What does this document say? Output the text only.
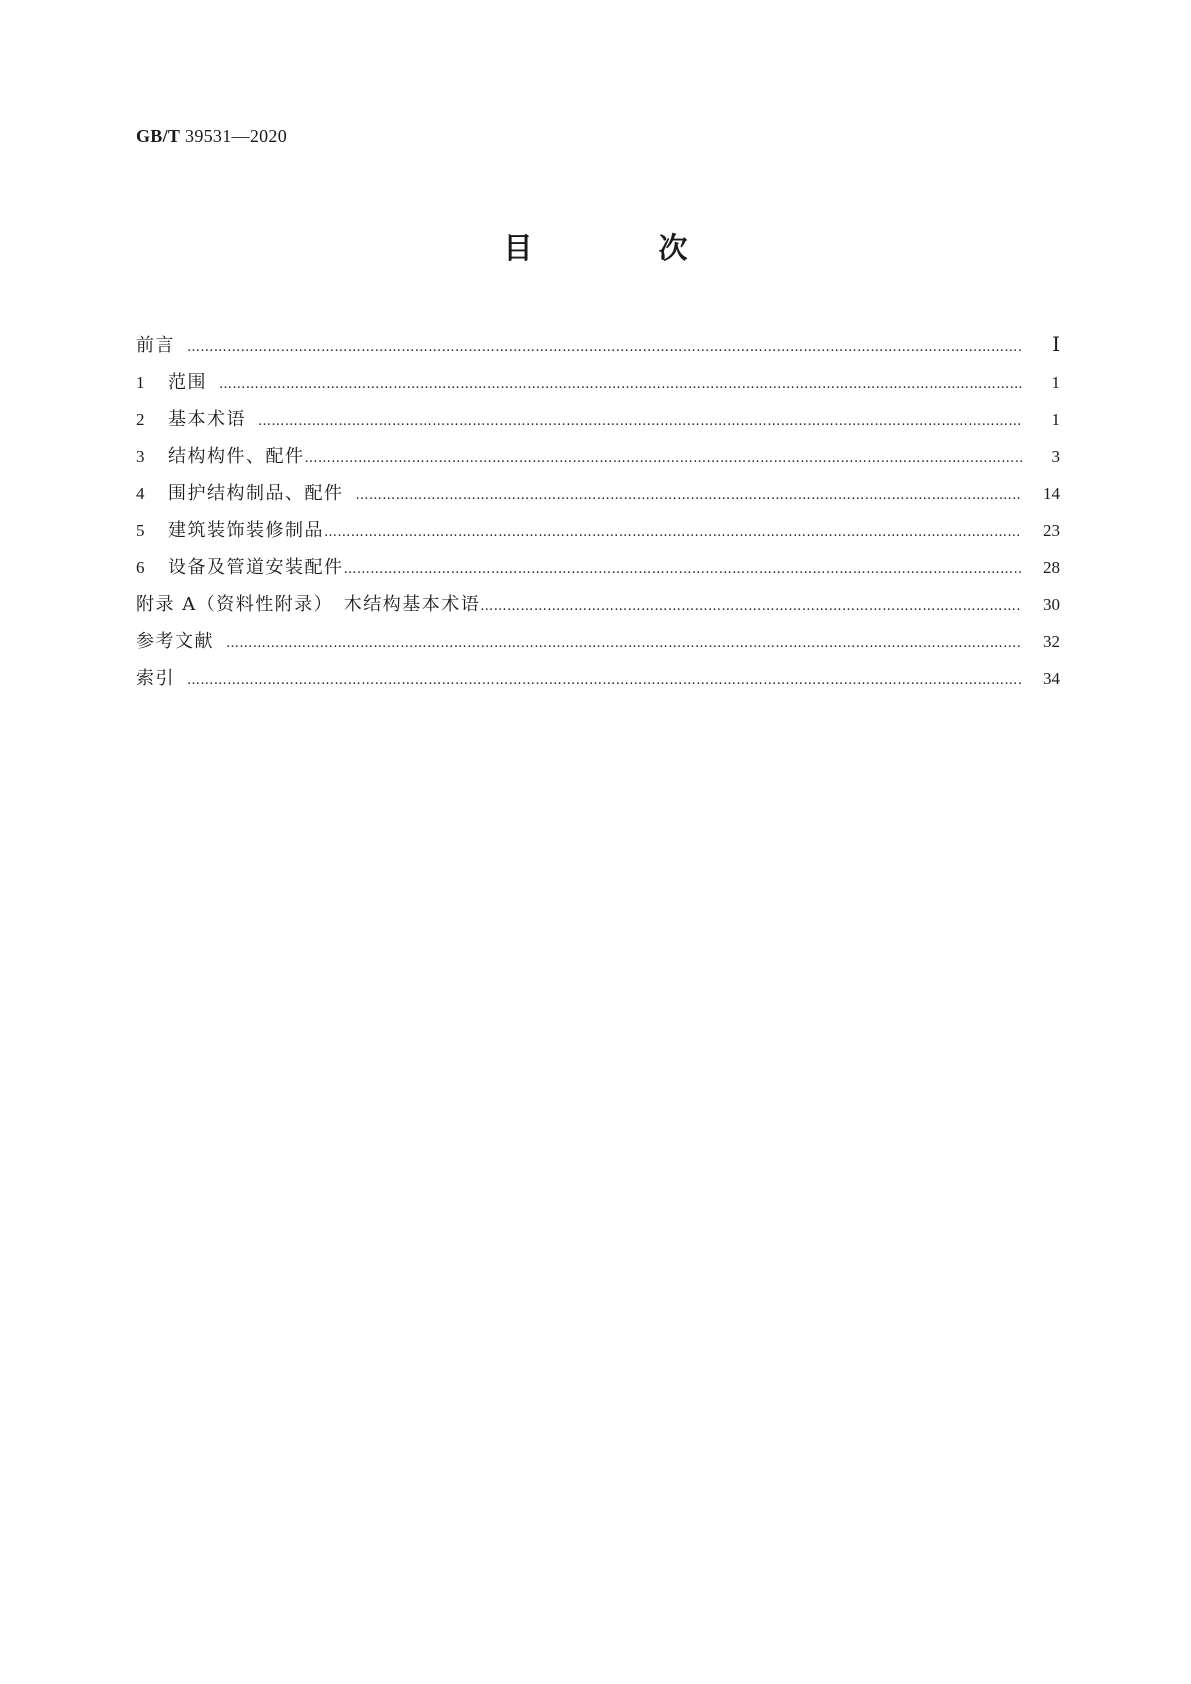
GB/T 39531—2020
目 次
前言 ……………………………………………………………………………………………………………………………………………………………………………………………………………………………………	Ⅰ
1	范围 ……………………………………………………………………………………………………………………………………………………………………………………………………………………………………	1
2	基本术语 ……………………………………………………………………………………………………………………………………………………………………………………………………………………………………	1
3	结构构件、配件 ……………………………………………………………………………………………………………………………………………………………………………………………………………………………………	3
4	围护结构制品、配件 ……………………………………………………………………………………………………………………………………………………………………………………………………………………………………	14
5	建筑装饰装修制品 ……………………………………………………………………………………………………………………………………………………………………………………………………………………………………	23
6	设备及管道安装配件 ……………………………………………………………………………………………………………………………………………………………………………………………………………………………………	28
附录 A（资料性附录）　木结构基本术语 ……………………………………………………………………………………………………………………………………………………………………………………………………………………………………	30
参考文献 ……………………………………………………………………………………………………………………………………………………………………………………………………………………………………	32
索引 ……………………………………………………………………………………………………………………………………………………………………………………………………………………………………	34
